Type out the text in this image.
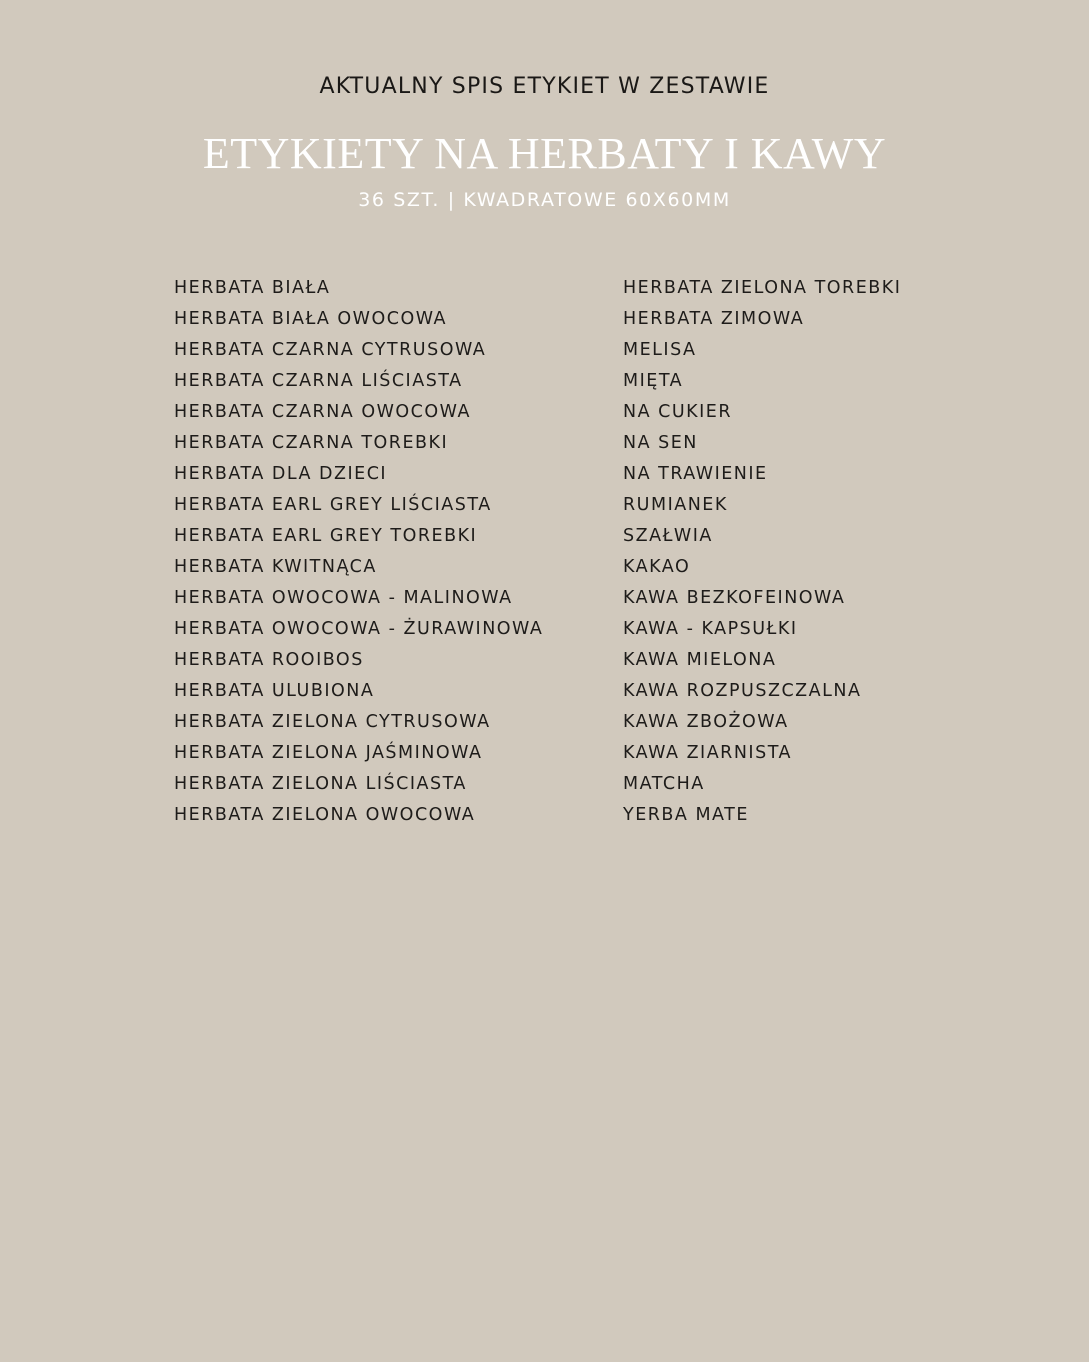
AKTUALNY SPIS ETYKIET W ZESTAWIE
ETYKIETY NA HERBATY I KAWY

36 SZT. | KWADRATOWE 60X60MM

HERBATA BIAŁA
HERBATA BIAŁA OWOCOWA
HERBATA CZARNA CYTRUSOWA
HERBATA CZARNA LIŚCIASTA
HERBATA CZARNA OWOCOWA
HERBATA CZARNA TOREBKI
HERBATA DLA DZIECI
HERBATA EARL GREY LIŚCIASTA
HERBATA EARL GREY TOREBKI
HERBATA KWITNĄCA
HERBATA OWOCOWA - MALINOWA
HERBATA OWOCOWA - ŻURAWINOWA
HERBATA ROOIBOS
HERBATA ULUBIONA
HERBATA ZIELONA CYTRUSOWA
HERBATA ZIELONA JAŚMINOWA
HERBATA ZIELONA LIŚCIASTA
HERBATA ZIELONA OWOCOWA
HERBATA ZIELONA TOREBKI
HERBATA ZIMOWA
MELISA
MIĘTA
NA CUKIER
NA SEN
NA TRAWIENIE
RUMIANEK
SZAŁWIA
KAKAO
KAWA BEZKOFEINOWA
KAWA - KAPSUŁKI
KAWA MIELONA
KAWA ROZPUSZCZALNA
KAWA ZBOŻOWA
KAWA ZIARNISTA
MATCHA
YERBA MATE
